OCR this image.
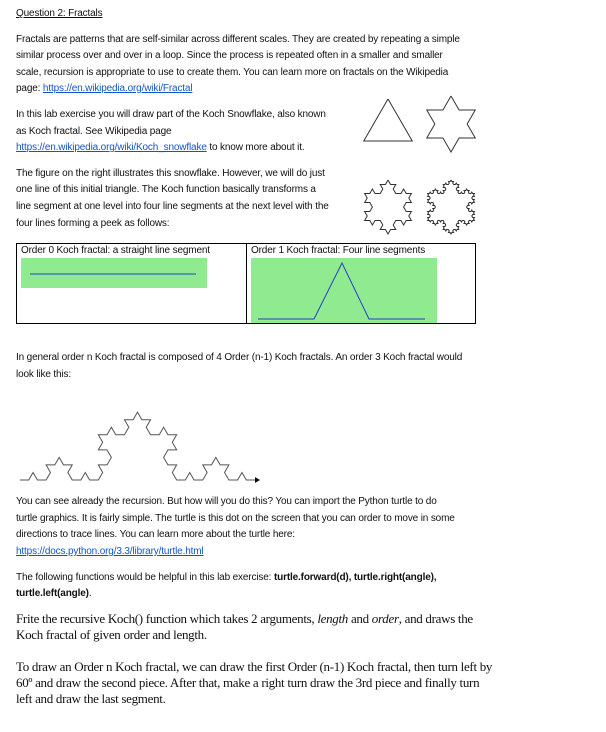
Question 2: Fractals
Fractals are patterns that are self-similar across different scales. They are created by repeating a simple
similar process over and over in a loop. Since the process is repeated often in a smaller and smaller
scale, recursion is appropriate to use to create them. You can learn more on fractals on the Wikipedia
page: https://en.wikipedia.org/wiki/Fractal
In this lab exercise you will draw part of the Koch Snowflake, also known
as Koch fractal. See Wikipedia page
https://en.wikipedia.org/wiki/Koch_snowflake to know more about it.
The figure on the right illustrates this snowflake. However, we will do just
one line of this initial triangle. The Koch function basically transforms a
line segment at one level into four line segments at the next level with the
four lines forming a peek as follows:
Order 0 Koch fractal: a straight line segment	Order 1 Koch fractal: Four line segments
In general order n Koch fractal is composed of 4 Order (n-1) Koch fractals. An order 3 Koch fractal would
look like this:
You can see already the recursion. But how will you do this? You can import the Python turtle to do
turtle graphics. It is fairly simple. The turtle is this dot on the screen that you can order to move in some
directions to trace lines. You can learn more about the turtle here:
https://docs.python.org/3.3/library/turtle.html
The following functions would be helpful in this lab exercise: turtle.forward(d), turtle.right(angle),
turtle.left(angle).
Frite the recursive Koch() function which takes 2 arguments, length and order, and draws the
Koch fractal of given order and length.
To draw an Order n Koch fractal, we can draw the first Order (n-1) Koch fractal, then turn left by
60º and draw the second piece. After that, make a right turn draw the 3rd piece and finally turn
left and draw the last segment.
